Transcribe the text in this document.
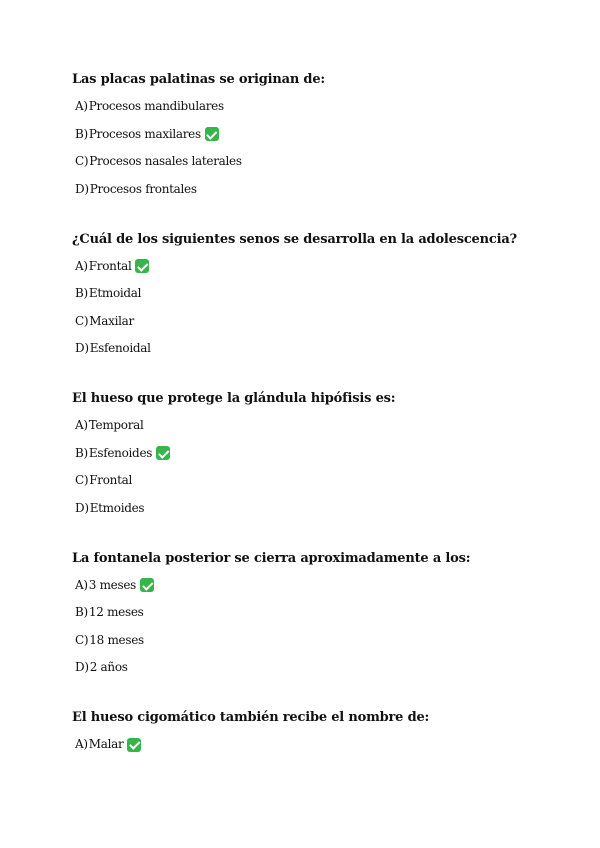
Las placas palatinas se originan de:

A) Procesos mandibulares
B) Procesos maxilares
C) Procesos nasales laterales
D) Procesos frontales

¿Cuál de los siguientes senos se desarrolla en la adolescencia?

A) Frontal
B) Etmoidal
C) Maxilar
D) Esfenoidal

El hueso que protege la glándula hipófisis es:

A) Temporal
B) Esfenoides
C) Frontal
D) Etmoides

La fontanela posterior se cierra aproximadamente a los:

A) 3 meses
B) 12 meses
C) 18 meses
D) 2 años

El hueso cigomático también recibe el nombre de:

A) Malar
